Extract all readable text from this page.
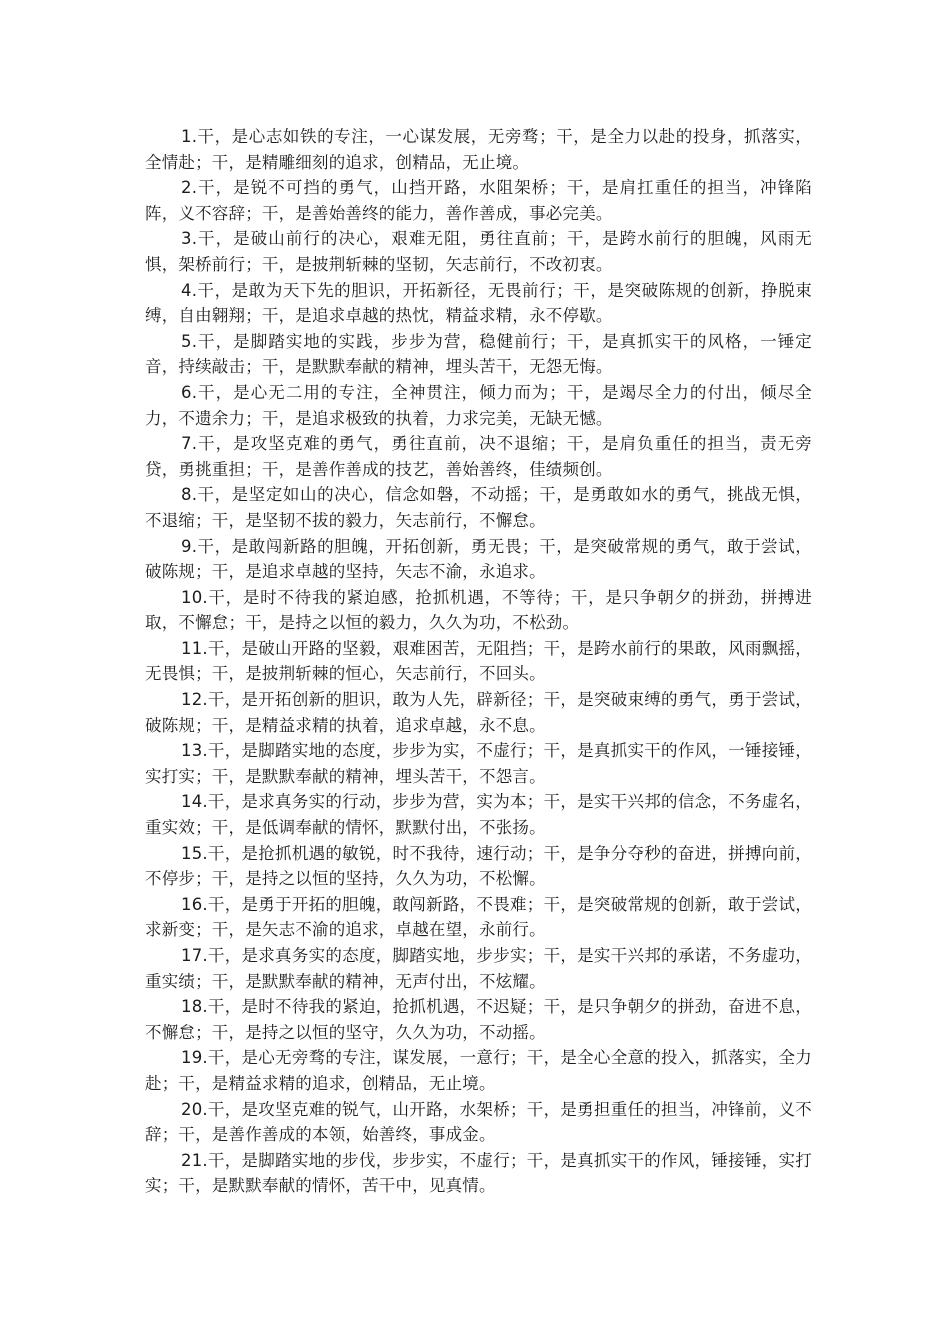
1.干，是心志如铁的专注，一心谋发展，无旁骛；干，是全力以赴的投身，抓落实，全情赴；干，是精雕细刻的追求，创精品，无止境。

2.干，是锐不可挡的勇气，山挡开路，水阻架桥；干，是肩扛重任的担当，冲锋陷阵，义不容辞；干，是善始善终的能力，善作善成，事必完美。

3.干，是破山前行的决心，艰难无阻，勇往直前；干，是跨水前行的胆魄，风雨无惧，架桥前行；干，是披荆斩棘的坚韧，矢志前行，不改初衷。

4.干，是敢为天下先的胆识，开拓新径，无畏前行；干，是突破陈规的创新，挣脱束缚，自由翱翔；干，是追求卓越的热忱，精益求精，永不停歇。

5.干，是脚踏实地的实践，步步为营，稳健前行；干，是真抓实干的风格，一锤定音，持续敲击；干，是默默奉献的精神，埋头苦干，无怨无悔。

6.干，是心无二用的专注，全神贯注，倾力而为；干，是竭尽全力的付出，倾尽全力，不遗余力；干，是追求极致的执着，力求完美，无缺无憾。

7.干，是攻坚克难的勇气，勇往直前，决不退缩；干，是肩负重任的担当，责无旁贷，勇挑重担；干，是善作善成的技艺，善始善终，佳绩频创。

8.干，是坚定如山的决心，信念如磐，不动摇；干，是勇敢如水的勇气，挑战无惧，不退缩；干，是坚韧不拔的毅力，矢志前行，不懈怠。

9.干，是敢闯新路的胆魄，开拓创新，勇无畏；干，是突破常规的勇气，敢于尝试，破陈规；干，是追求卓越的坚持，矢志不渝，永追求。

10.干，是时不待我的紧迫感，抢抓机遇，不等待；干，是只争朝夕的拼劲，拼搏进取，不懈怠；干，是持之以恒的毅力，久久为功，不松劲。

11.干，是破山开路的坚毅，艰难困苦，无阻挡；干，是跨水前行的果敢，风雨飘摇，无畏惧；干，是披荆斩棘的恒心，矢志前行，不回头。

12.干，是开拓创新的胆识，敢为人先，辟新径；干，是突破束缚的勇气，勇于尝试，破陈规；干，是精益求精的执着，追求卓越，永不息。

13.干，是脚踏实地的态度，步步为实，不虚行；干，是真抓实干的作风，一锤接锤，实打实；干，是默默奉献的精神，埋头苦干，不怨言。

14.干，是求真务实的行动，步步为营，实为本；干，是实干兴邦的信念，不务虚名，重实效；干，是低调奉献的情怀，默默付出，不张扬。

15.干，是抢抓机遇的敏锐，时不我待，速行动；干，是争分夺秒的奋进，拼搏向前，不停步；干，是持之以恒的坚持，久久为功，不松懈。

16.干，是勇于开拓的胆魄，敢闯新路，不畏难；干，是突破常规的创新，敢于尝试，求新变；干，是矢志不渝的追求，卓越在望，永前行。

17.干，是求真务实的态度，脚踏实地，步步实；干，是实干兴邦的承诺，不务虚功，重实绩；干，是默默奉献的精神，无声付出，不炫耀。

18.干，是时不待我的紧迫，抢抓机遇，不迟疑；干，是只争朝夕的拼劲，奋进不息，不懈怠；干，是持之以恒的坚守，久久为功，不动摇。

19.干，是心无旁骛的专注，谋发展，一意行；干，是全心全意的投入，抓落实，全力赴；干，是精益求精的追求，创精品，无止境。

20.干，是攻坚克难的锐气，山开路，水架桥；干，是勇担重任的担当，冲锋前，义不辞；干，是善作善成的本领，始善终，事成金。

21.干，是脚踏实地的步伐，步步实，不虚行；干，是真抓实干的作风，锤接锤，实打实；干，是默默奉献的情怀，苦干中，见真情。
